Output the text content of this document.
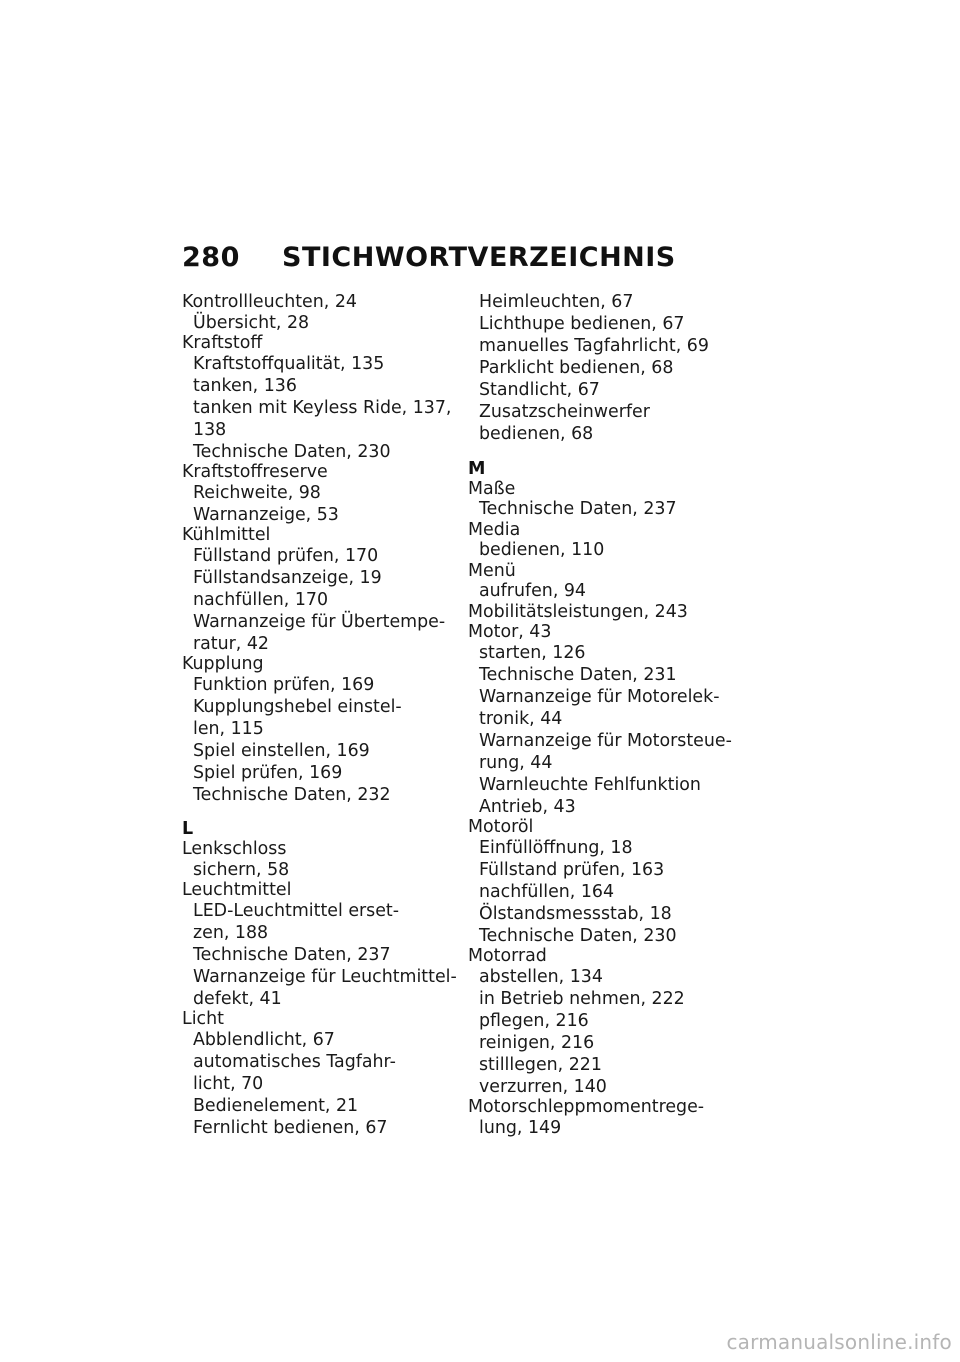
280 STICHWORTVERZEICHNIS
Kontrollleuchten, 24
Übersicht, 28
Kraftstoff
Kraftstoffqualität, 135
tanken, 136
tanken mit Keyless Ride, 137,
138
Technische Daten, 230
Kraftstoffreserve
Reichweite, 98
Warnanzeige, 53
Kühlmittel
Füllstand prüfen, 170
Füllstandsanzeige, 19
nachfüllen, 170
Warnanzeige für Übertempe-
ratur, 42
Kupplung
Funktion prüfen, 169
Kupplungshebel einstel-
len, 115
Spiel einstellen, 169
Spiel prüfen, 169
Technische Daten, 232
L
Lenkschloss
sichern, 58
Leuchtmittel
LED-Leuchtmittel erset-
zen, 188
Technische Daten, 237
Warnanzeige für Leuchtmittel-
defekt, 41
Licht
Abblendlicht, 67
automatisches Tagfahr-
licht, 70
Bedienelement, 21
Fernlicht bedienen, 67
Heimleuchten, 67
Lichthupe bedienen, 67
manuelles Tagfahrlicht, 69
Parklicht bedienen, 68
Standlicht, 67
Zusatzscheinwerfer
bedienen, 68
M
Maße
Technische Daten, 237
Media
bedienen, 110
Menü
aufrufen, 94
Mobilitätsleistungen, 243
Motor, 43
starten, 126
Technische Daten, 231
Warnanzeige für Motorelek-
tronik, 44
Warnanzeige für Motorsteue-
rung, 44
Warnleuchte Fehlfunktion
Antrieb, 43
Motoröl
Einfüllöffnung, 18
Füllstand prüfen, 163
nachfüllen, 164
Ölstandsmessstab, 18
Technische Daten, 230
Motorrad
abstellen, 134
in Betrieb nehmen, 222
pflegen, 216
reinigen, 216
stilllegen, 221
verzurren, 140
Motorschleppmomentrege-
lung, 149
carmanualsonline.info
